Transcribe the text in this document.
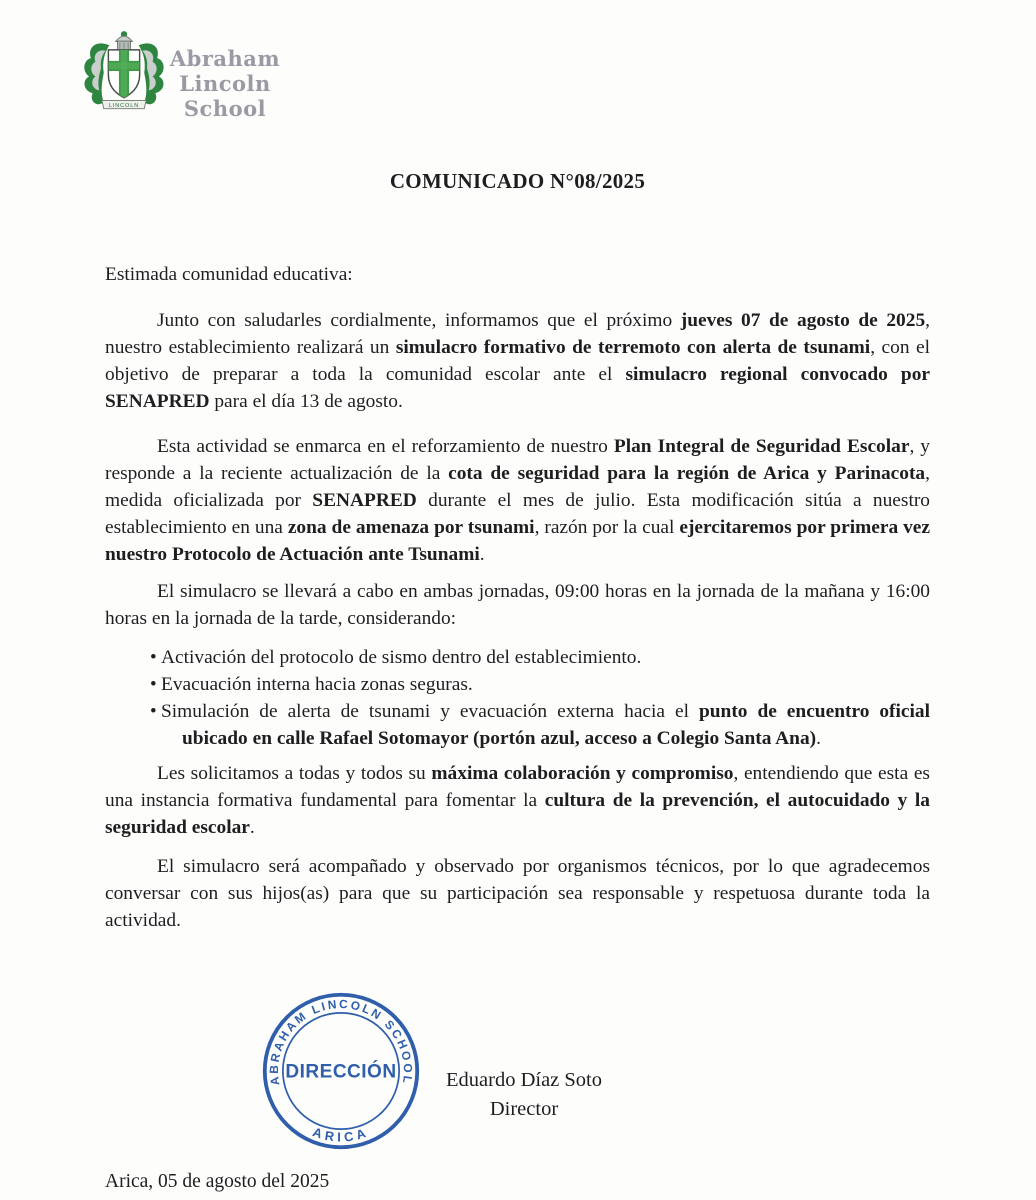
LINCOLN
Abraham Lincoln
School
COMUNICADO N°08/2025

Estimada comunidad educativa:

Junto con saludarles cordialmente, informamos que el próximo jueves 07 de agosto de 2025, nuestro establecimiento realizará un simulacro formativo de terremoto con alerta de tsunami, con el objetivo de preparar a toda la comunidad escolar ante el simulacro regional convocado por SENAPRED para el día 13 de agosto.

Esta actividad se enmarca en el reforzamiento de nuestro Plan Integral de Seguridad Escolar, y responde a la reciente actualización de la cota de seguridad para la región de Arica y Parinacota, medida oficializada por SENAPRED durante el mes de julio. Esta modificación sitúa a nuestro establecimiento en una zona de amenaza por tsunami, razón por la cual ejercitaremos por primera vez nuestro Protocolo de Actuación ante Tsunami.

El simulacro se llevará a cabo en ambas jornadas, 09:00 horas en la jornada de la mañana y 16:00 horas en la jornada de la tarde, considerando:

• Activación del protocolo de sismo dentro del establecimiento.
• Evacuación interna hacia zonas seguras.
• Simulación de alerta de tsunami y evacuación externa hacia el punto de encuentro oficial ubicado en calle Rafael Sotomayor (portón azul, acceso a Colegio Santa Ana).

Les solicitamos a todas y todos su máxima colaboración y compromiso, entendiendo que esta es una instancia formativa fundamental para fomentar la cultura de la prevención, el autocuidado y la seguridad escolar.

El simulacro será acompañado y observado por organismos técnicos, por lo que agradecemos conversar con sus hijos(as) para que su participación sea responsable y respetuosa durante toda la actividad.

ABRAHAM LINCOLN SCHOOL
ARICA
DIRECCIÓN Eduardo Díaz Soto
Director
Arica, 05 de agosto del 2025
